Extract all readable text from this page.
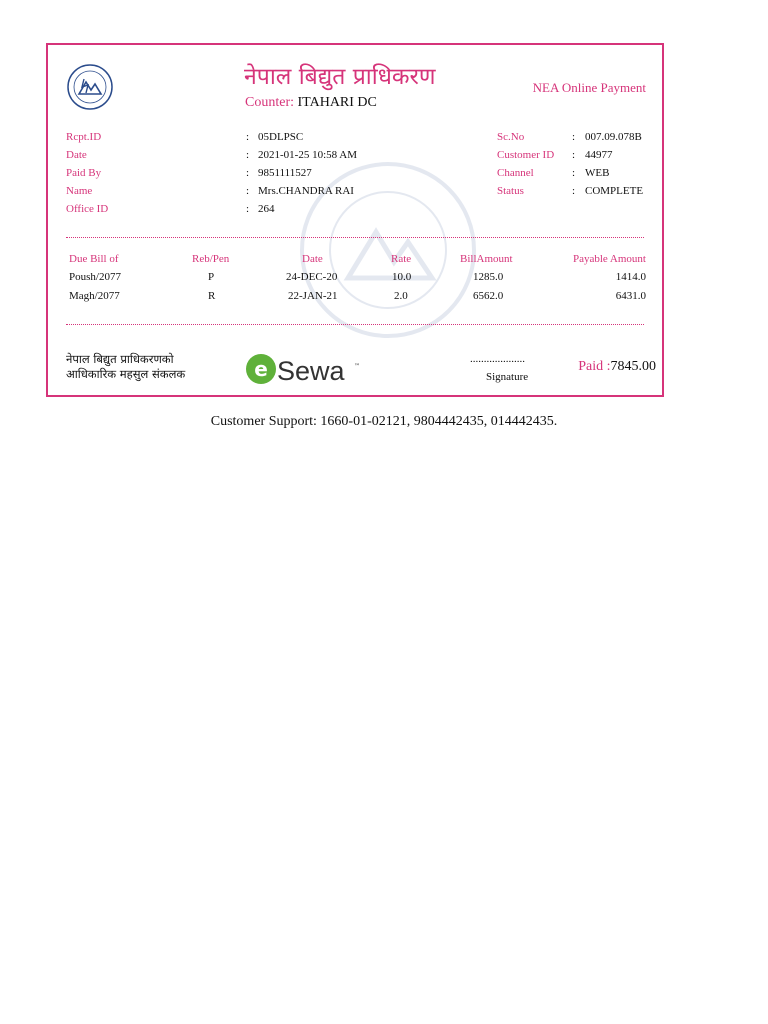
नेपाल बिद्युत प्राधिकरण
Counter: ITAHARI DC
NEA Online Payment
Rcpt.ID	: 05DLPSC
Date	: 2021-01-25 10:58 AM
Paid By	: 9851111527
Name	: Mrs.CHANDRA RAI
Office ID	: 264
Sc.No	: 007.09.078B
Customer ID : 44977
Channel	: WEB
Status	: COMPLETE
Due Bill of	Reb/Pen	Date	Rate	BillAmount	Payable Amount
Poush/2077	P	24-DEC-20	10.0	1285.0	1414.0
Magh/2077	R	22-JAN-21	2.0	6562.0	6431.0
नेपाल बिद्युत प्राधिकरणको
आधिकारिक महसुल संकलक	e Sewa ™
....................
Signature
Paid :7845.00
Customer Support: 1660-01-02121, 9804442435, 014442435.
